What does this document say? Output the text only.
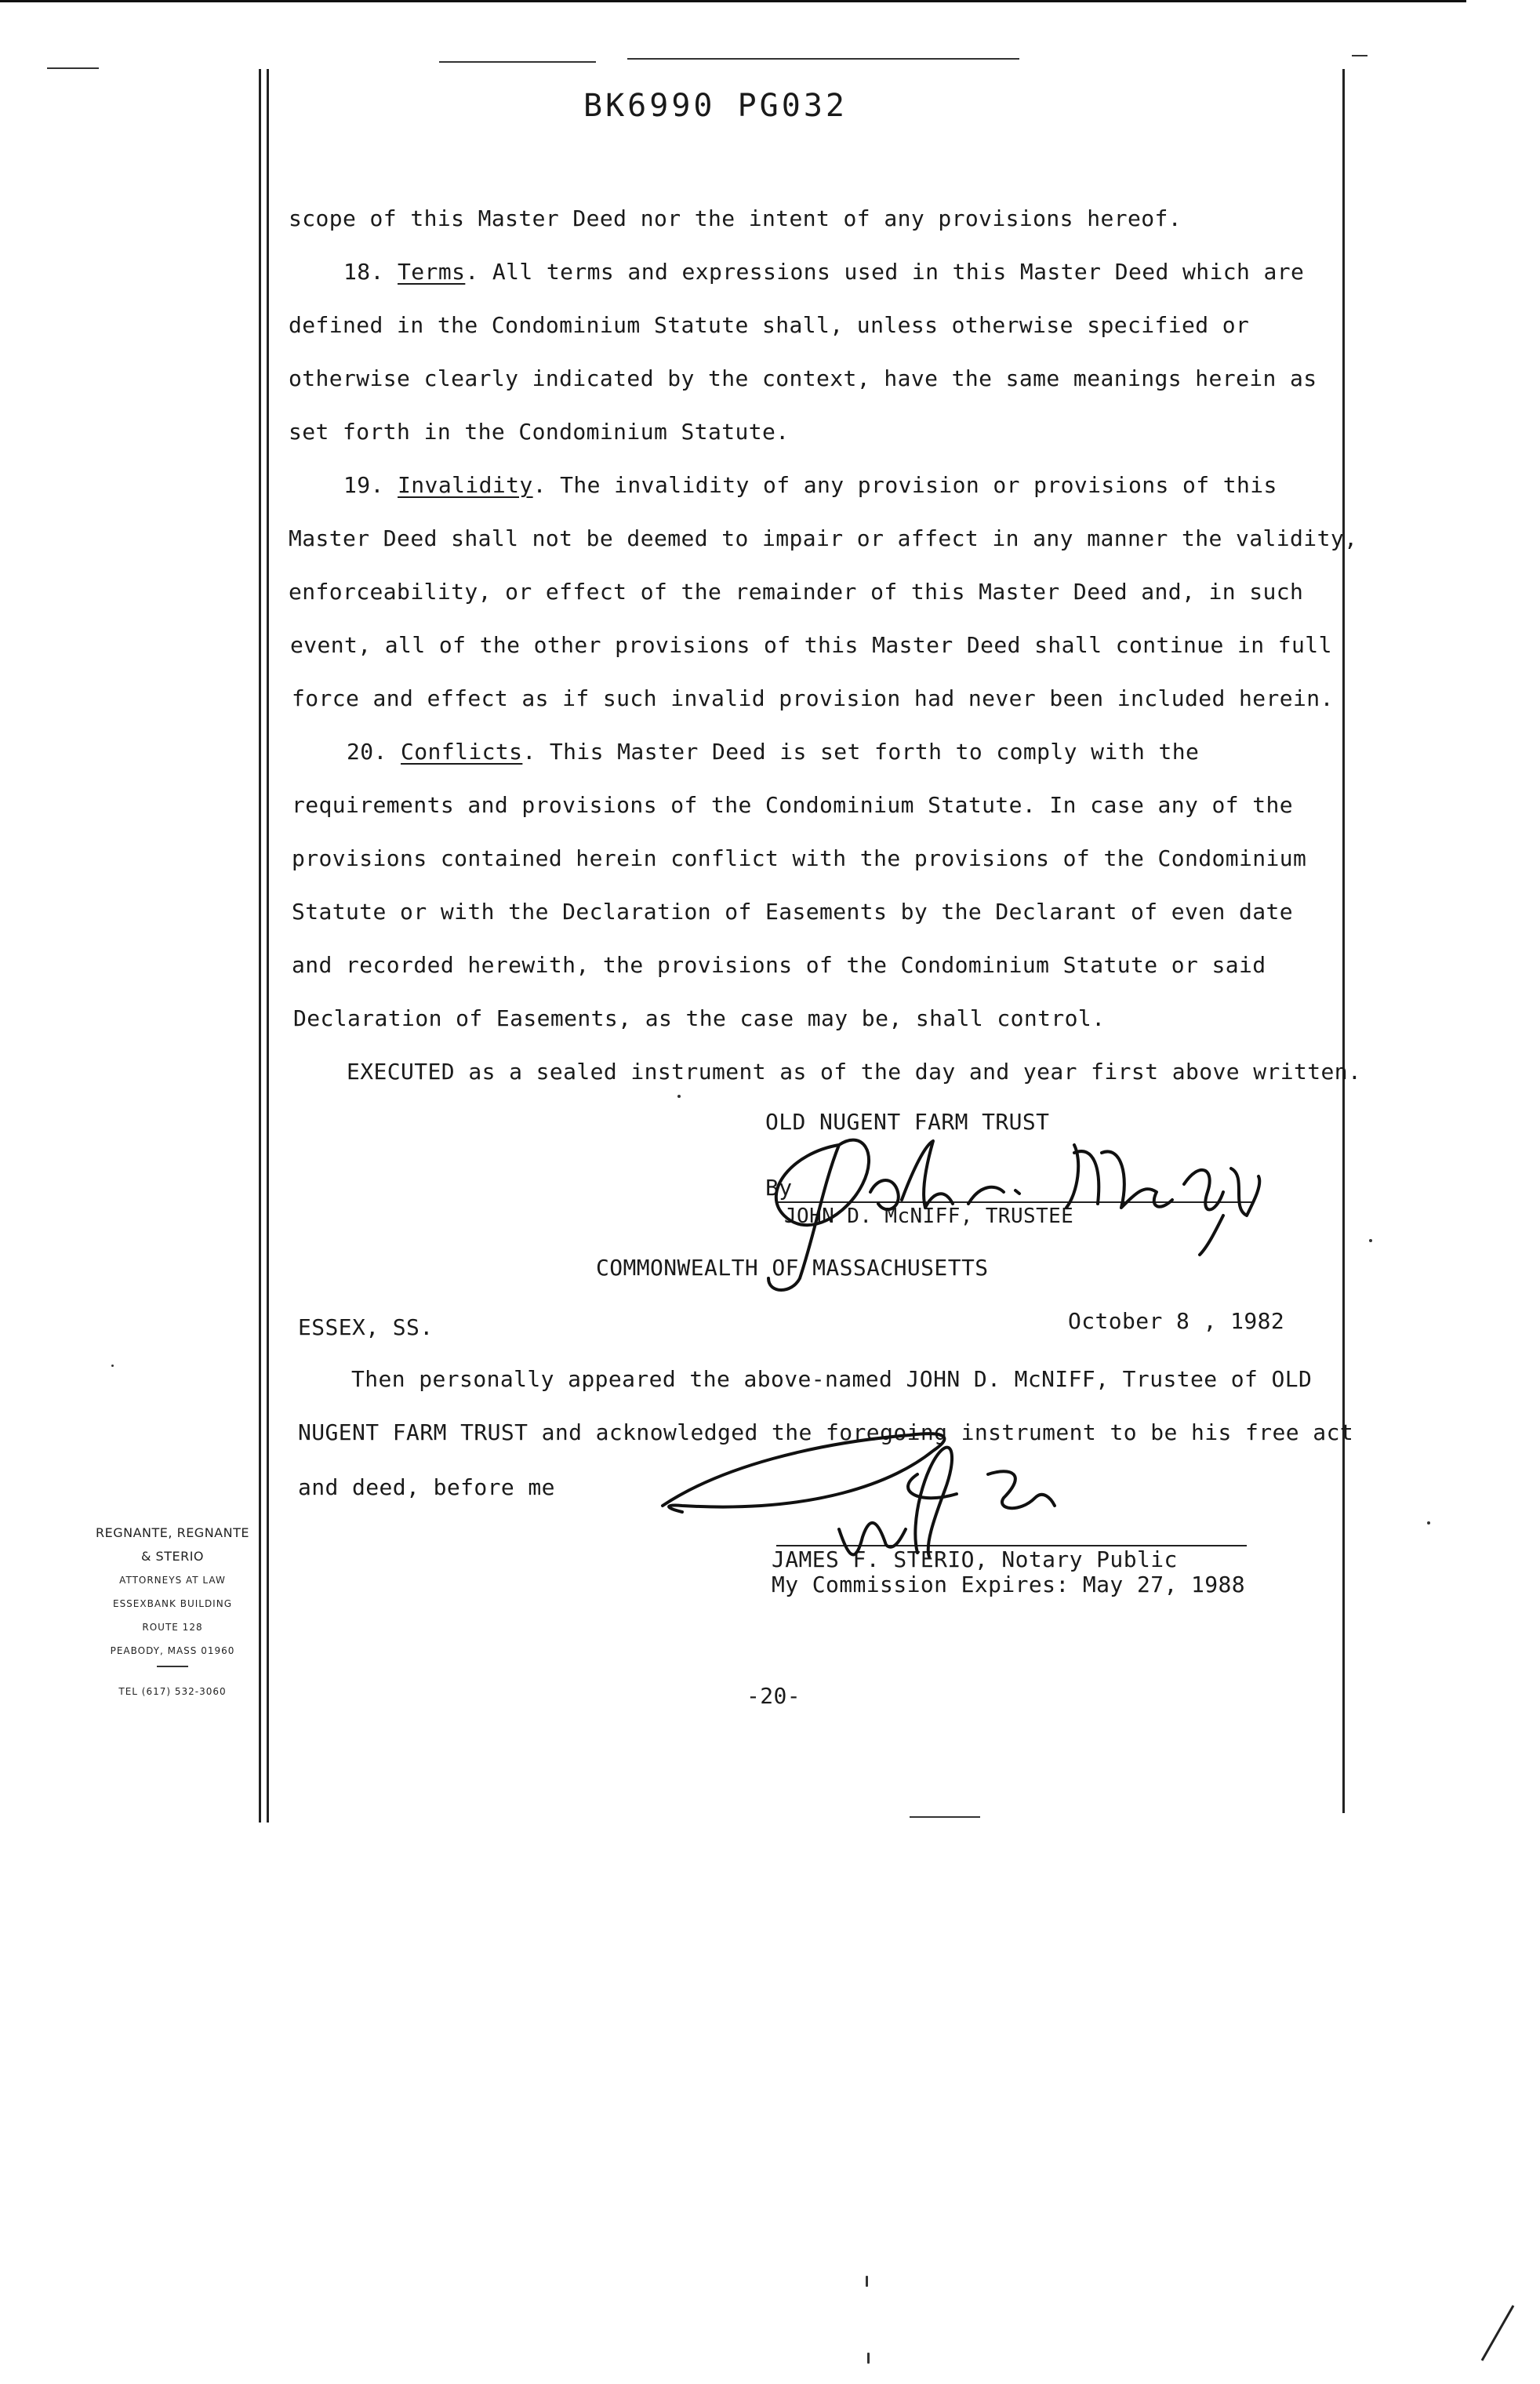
BK6990 PG032
scope of this Master Deed nor the intent of any provisions hereof.
18. Terms. All terms and expressions used in this Master Deed which are
defined in the Condominium Statute shall, unless otherwise specified or
otherwise clearly indicated by the context, have the same meanings herein as
set forth in the Condominium Statute.
19. Invalidity. The invalidity of any provision or provisions of this
Master Deed shall not be deemed to impair or affect in any manner the validity,
enforceability, or effect of the remainder of this Master Deed and, in such
event, all of the other provisions of this Master Deed shall continue in full
force and effect as if such invalid provision had never been included herein.
20. Conflicts. This Master Deed is set forth to comply with the
requirements and provisions of the Condominium Statute. In case any of the
provisions contained herein conflict with the provisions of the Condominium
Statute or with the Declaration of Easements by the Declarant of even date
and recorded herewith, the provisions of the Condominium Statute or said
Declaration of Easements, as the case may be, shall control.
EXECUTED as a sealed instrument as of the day and year first above written.
OLD NUGENT FARM TRUST
By
JOHN D. McNIFF, TRUSTEE
COMMONWEALTH OF MASSACHUSETTS
ESSEX, SS.	October 8 , 1982
Then personally appeared the above-named JOHN D. McNIFF, Trustee of OLD
NUGENT FARM TRUST and acknowledged the foregoing instrument to be his free act
and deed, before me
JAMES F. STERIO, Notary Public
My Commission Expires: May 27, 1988
REGNANTE, REGNANTE
& STERIO
ATTORNEYS AT LAW
ESSEXBANK BUILDING
ROUTE 128
PEABODY, MASS 01960
TEL (617) 532-3060	-20-
